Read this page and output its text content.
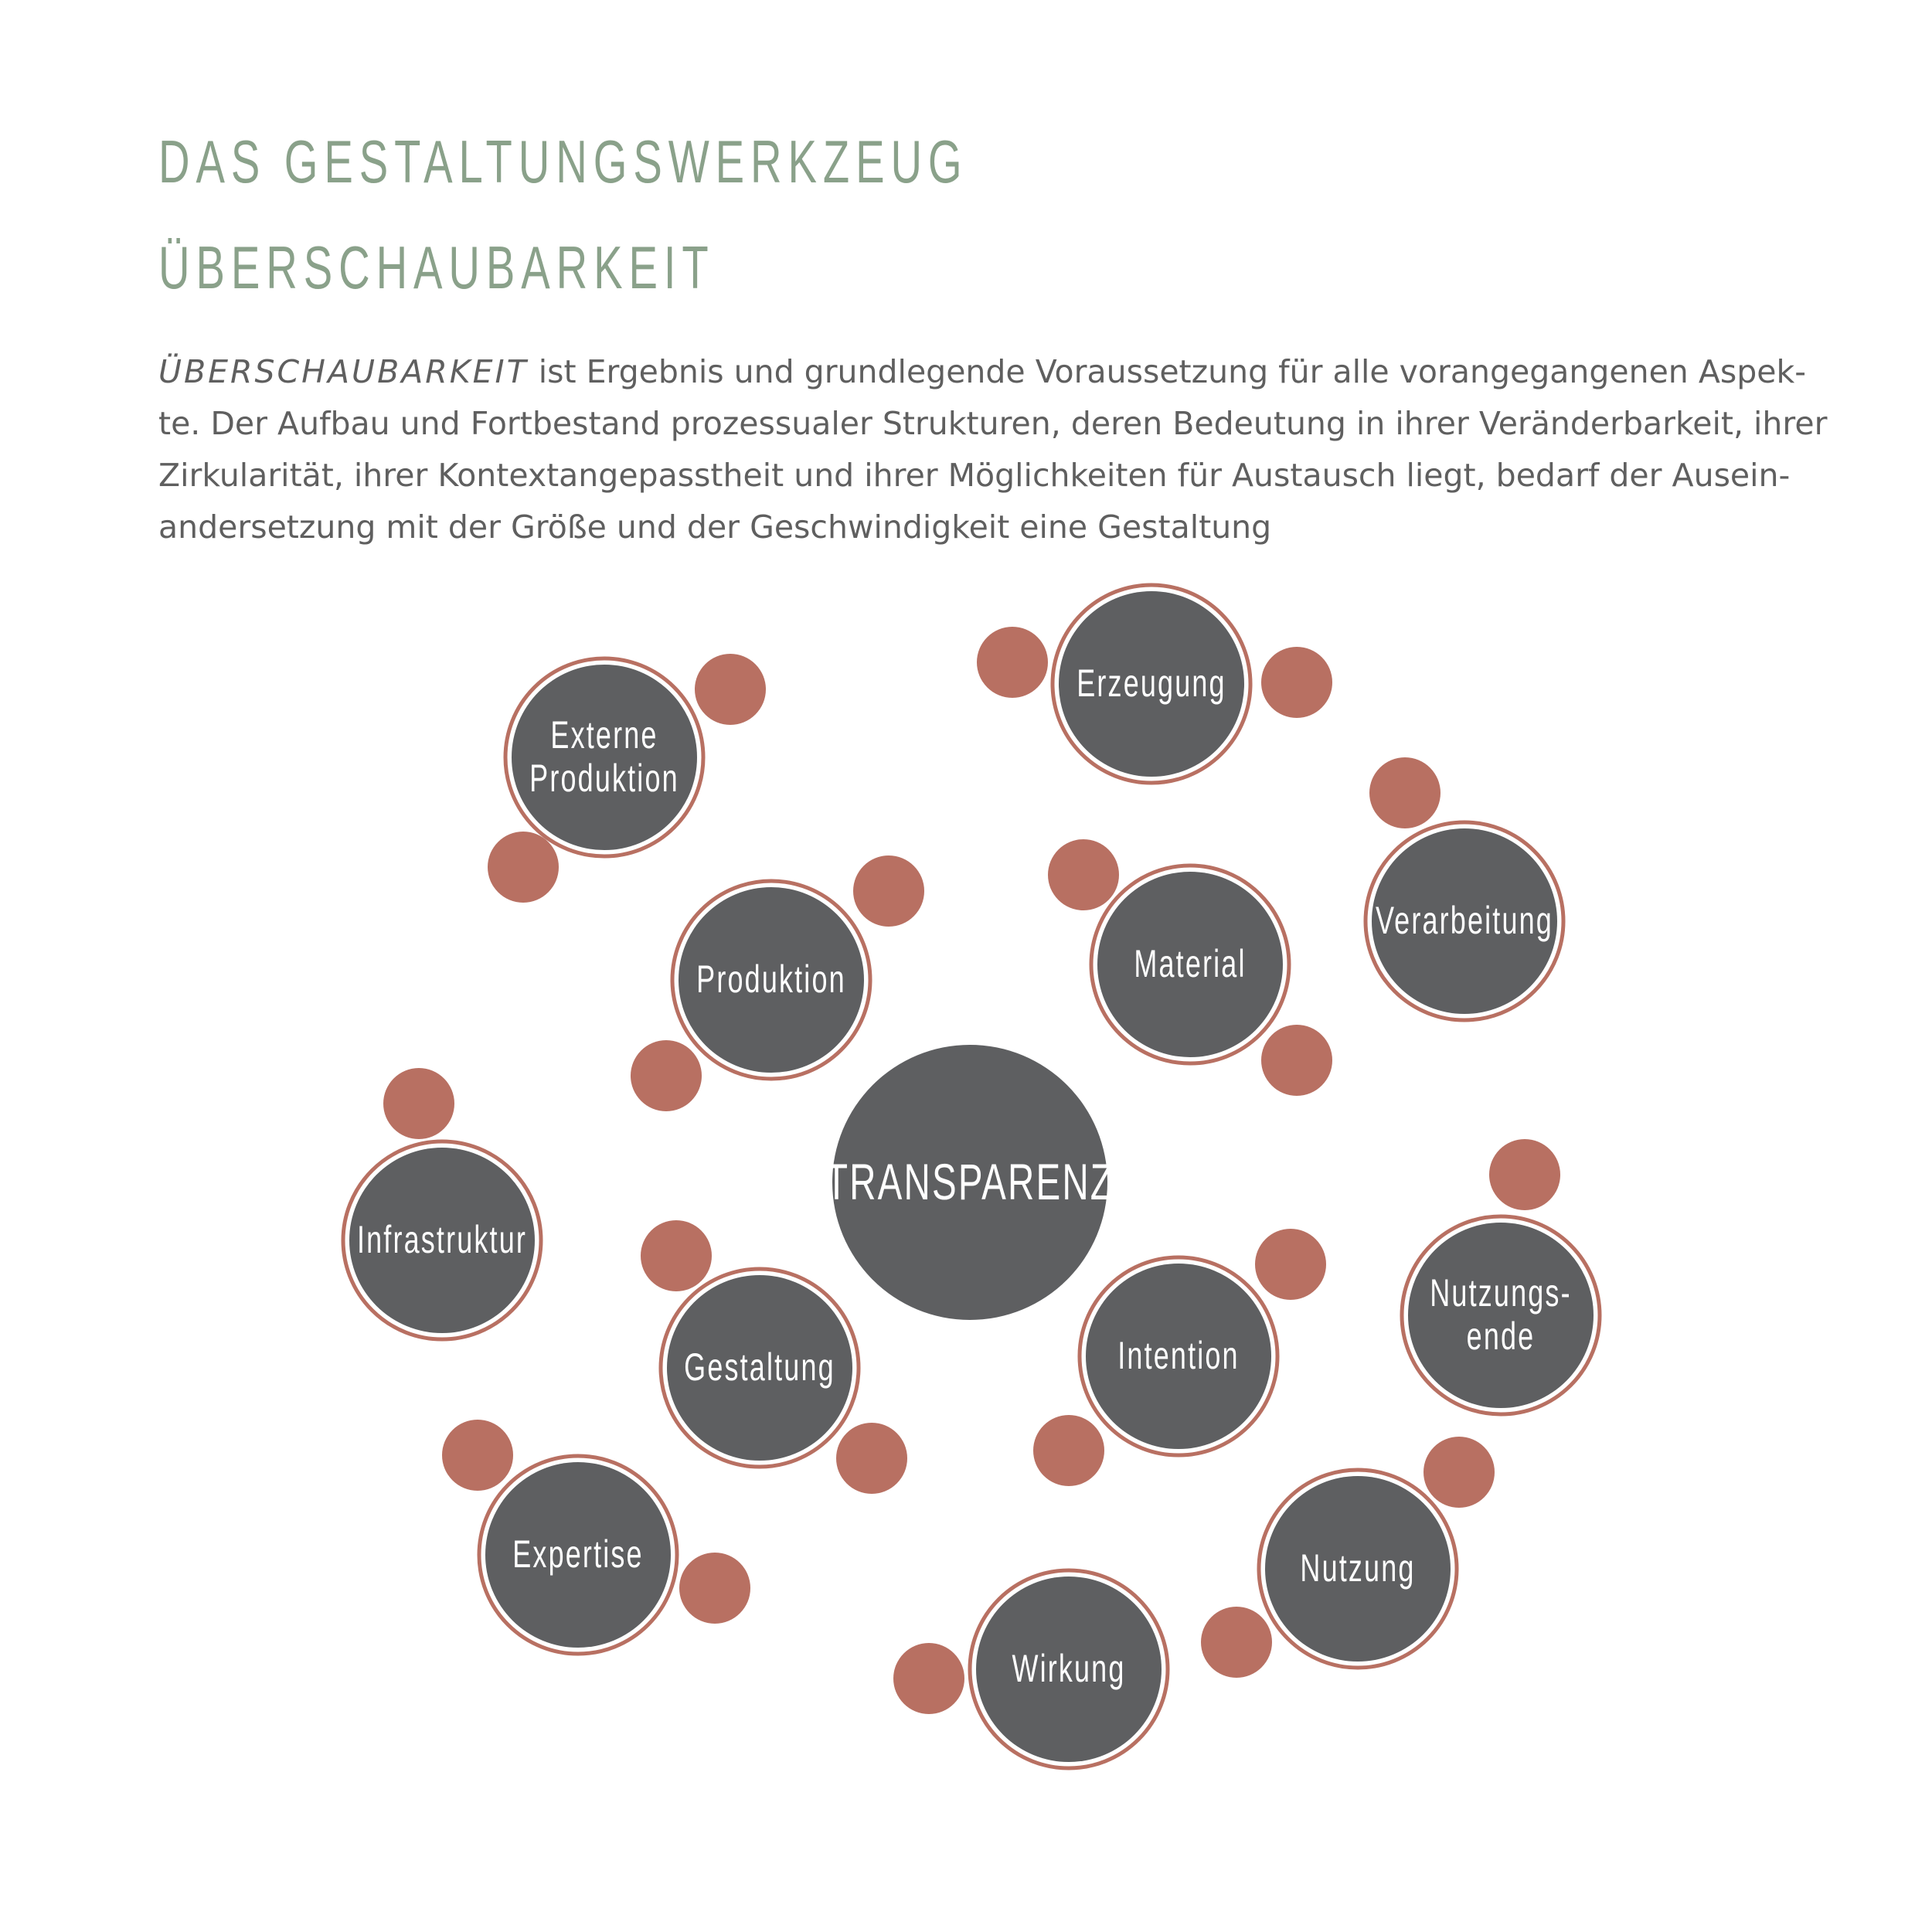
DAS GESTALTUNGSWERKZEUG
ÜBERSCHAUBARKEIT

ÜBERSCHAUBARKEIT ist Ergebnis und grundlegende Voraussetzung für alle vorangegangenen Aspek-
te. Der Aufbau und Fortbestand prozessualer Strukturen, deren Bedeutung in ihrer Veränderbarkeit, ihrer
Zirkularität, ihrer Kontextangepasstheit und ihrer Möglichkeiten für Austausch liegt, bedarf der Ausein-
andersetzung mit der Größe und der Geschwindigkeit eine Gestaltung

TRANSPARENZ
Externe
Produktion
Erzeugung
Verarbeitung
Produktion	Material
Infrastruktur
Nutzungs-
ende
Gestaltung	Intention
Expertise	Nutzung
Wirkung
